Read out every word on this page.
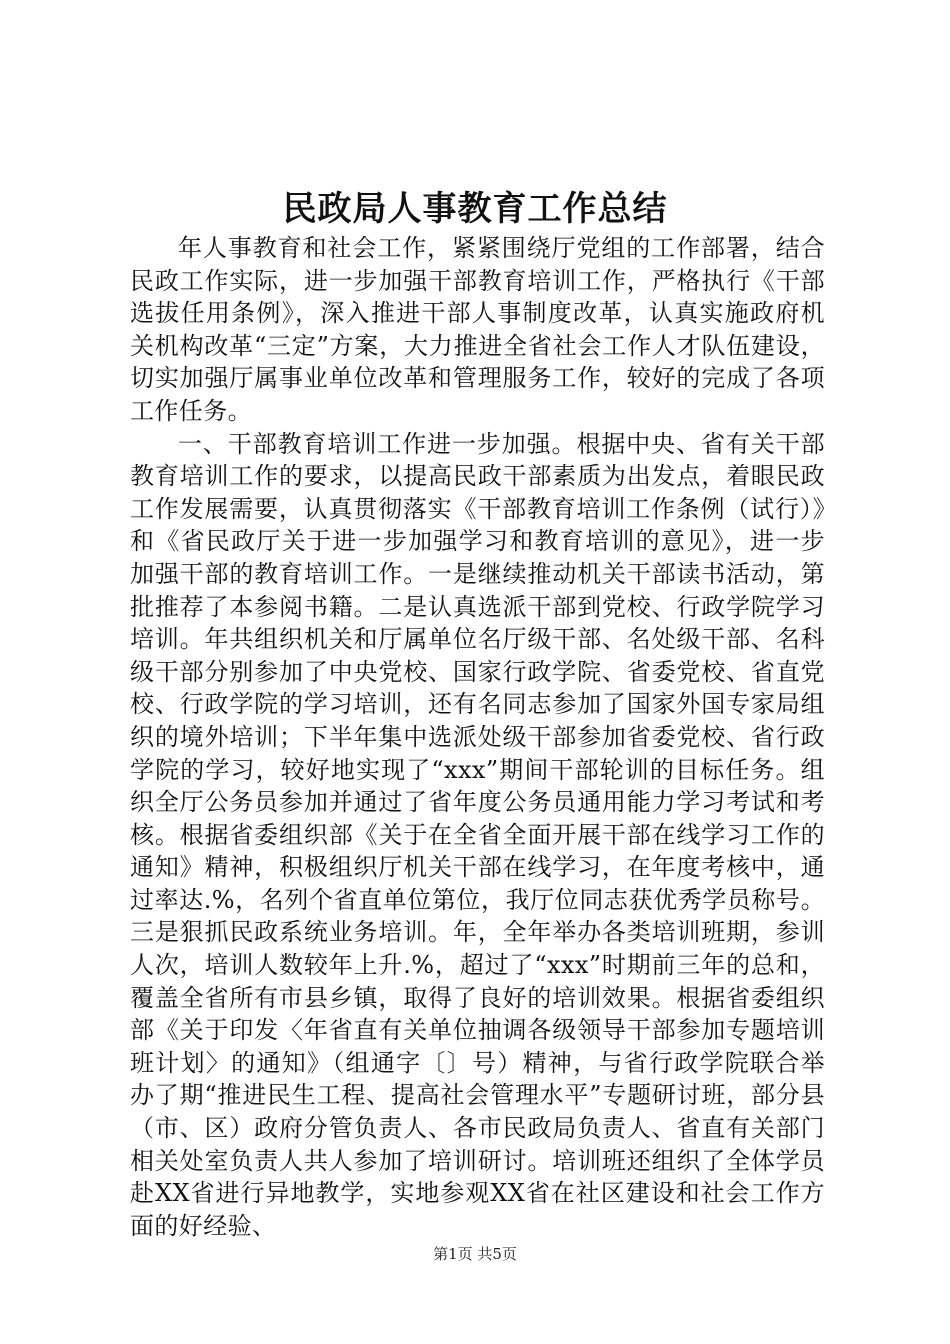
民政局人事教育工作总结

年人事教育和社会工作，紧紧围绕厅党组的工作部署，结合民政工作实际，进一步加强干部教育培训工作，严格执行《干部选拔任用条例》，深入推进干部人事制度改革，认真实施政府机关机构改革“三定”方案，大力推进全省社会工作人才队伍建设，切实加强厅属事业单位改革和管理服务工作，较好的完成了各项工作任务。

一、干部教育培训工作进一步加强。根据中央、省有关干部教育培训工作的要求，以提高民政干部素质为出发点，着眼民政工作发展需要，认真贯彻落实《干部教育培训工作条例（试行）》和《省民政厅关于进一步加强学习和教育培训的意见》，进一步加强干部的教育培训工作。一是继续推动机关干部读书活动，第批推荐了本参阅书籍。二是认真选派干部到党校、行政学院学习培训。年共组织机关和厅属单位名厅级干部、名处级干部、名科级干部分别参加了中央党校、国家行政学院、省委党校、省直党校、行政学院的学习培训，还有名同志参加了国家外国专家局组织的境外培训；下半年集中选派处级干部参加省委党校、省行政学院的学习，较好地实现了“xxx”期间干部轮训的目标任务。组织全厅公务员参加并通过了省年度公务员通用能力学习考试和考核。根据省委组织部《关于在全省全面开展干部在线学习工作的通知》精神，积极组织厅机关干部在线学习，在年度考核中，通过率达.%，名列个省直单位第位，我厅位同志获优秀学员称号。三是狠抓民政系统业务培训。年，全年举办各类培训班期，参训人次，培训人数较年上升.%，超过了“xxx”时期前三年的总和，覆盖全省所有市县乡镇，取得了良好的培训效果。根据省委组织部《关于印发〈年省直有关单位抽调各级领导干部参加专题培训班计划〉的通知》（组通字〔〕号）精神，与省行政学院联合举办了期“推进民生工程、提高社会管理水平”专题研讨班，部分县（市、区）政府分管负责人、各市民政局负责人、省直有关部门相关处室负责人共人参加了培训研讨。培训班还组织了全体学员赴XX省进行异地教学，实地参观XX省在社区建设和社会工作方面的好经验、

第1页 共5页
